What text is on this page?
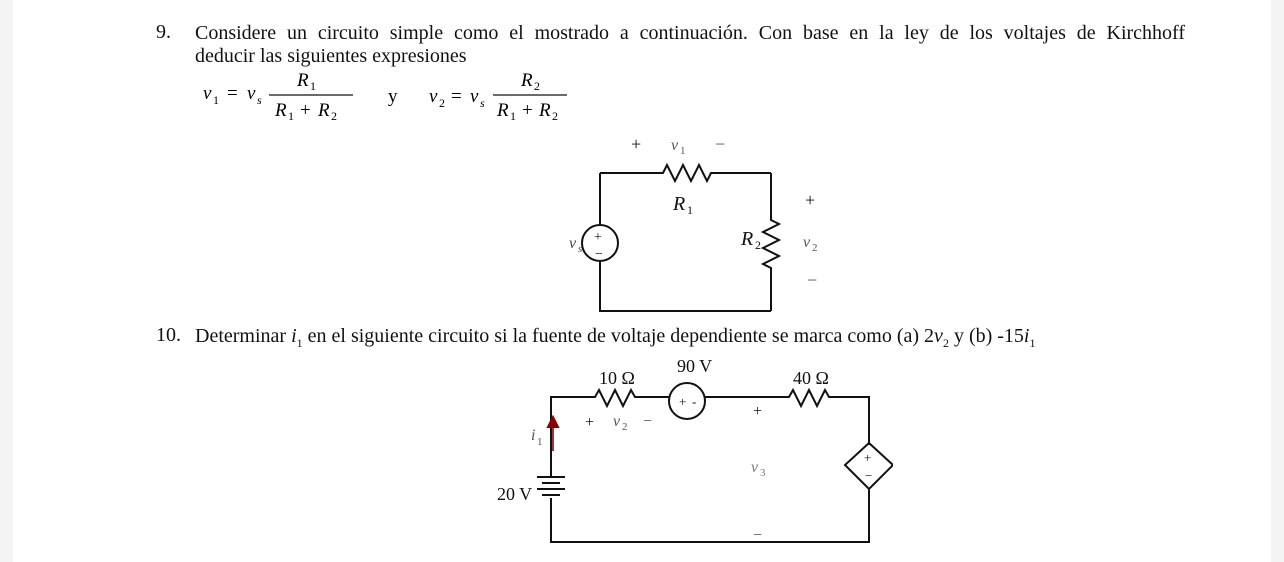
9. Considere un circuito simple como el mostrado a continuación. Con base en la ley de los voltajes de Kirchhoff
deducir las siguientes expresiones
v 1 = v s
R 1
R 1 + R 2
y v 2 = v s
R 2
R 1 + R 2
+ v 1 −
R 1
v s
+
−
R 2
+
v 2
−
10. Determinar $i_1$ en el siguiente circuito si la fuente de voltaje dependiente se marca como (a) $2v_2$ y (b) $-15i_1$
10 Ω
90 V
40 Ω
i 1
+ v 2 −
+ -
+
v 3
−
20 V
+
−
